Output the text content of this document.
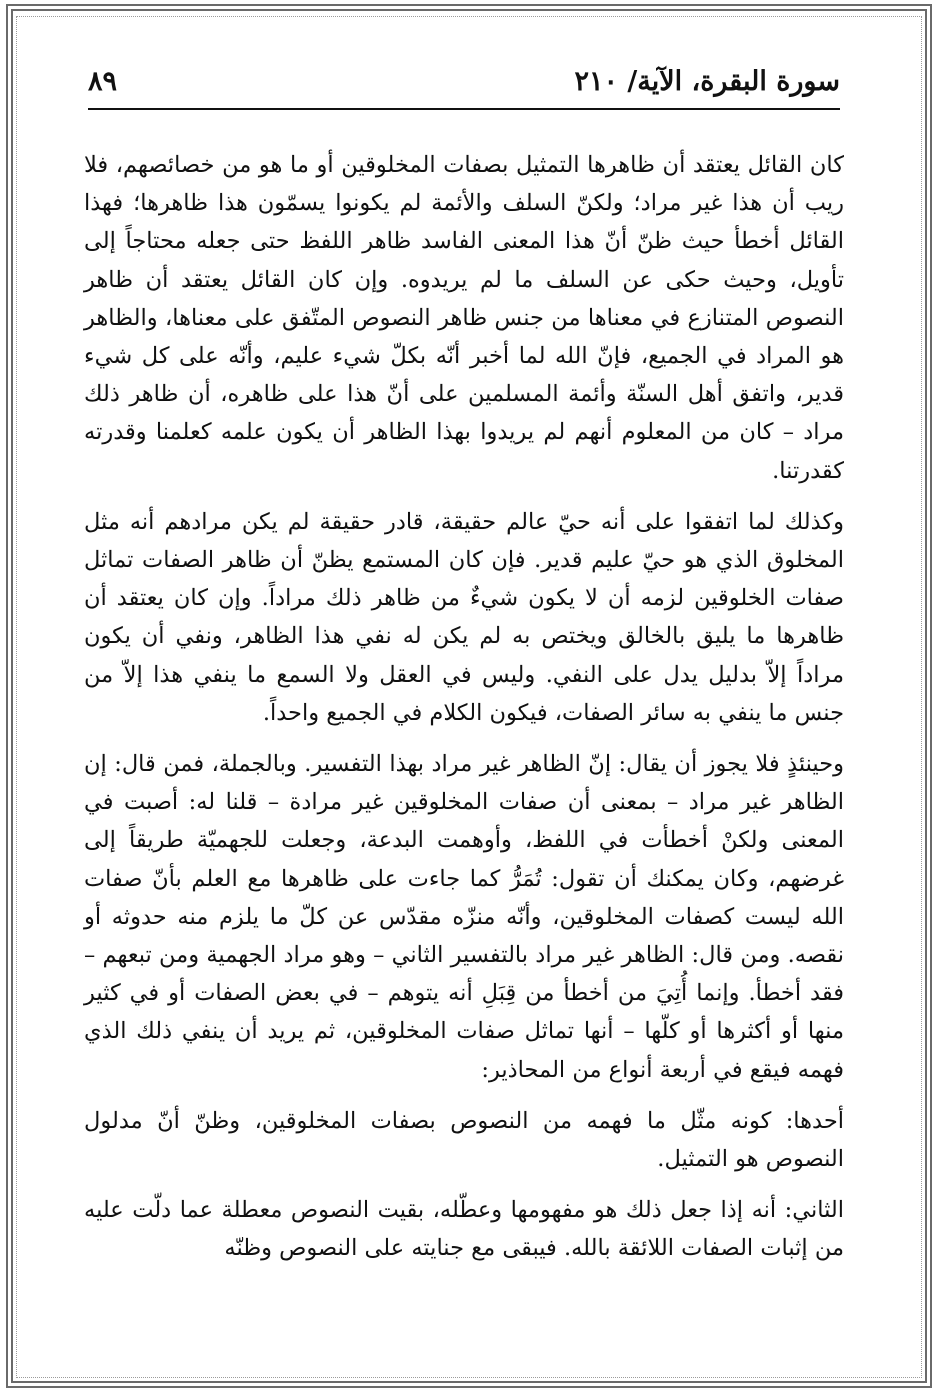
سورة البقرة، الآية/ ٢١٠
٨٩

كان القائل يعتقد أن ظاهرها التمثيل بصفات المخلوقين أو ما هو من خصائصهم، فلا ريب أن هذا غير مراد؛ ولكنّ السلف والأئمة لم يكونوا يسمّون هذا ظاهرها؛ فهذا القائل أخطأ حيث ظنّ أنّ هذا المعنى الفاسد ظاهر اللفظ حتى جعله محتاجاً إلى تأويل، وحيث حكى عن السلف ما لم يريدوه. وإن كان القائل يعتقد أن ظاهر النصوص المتنازع في معناها من جنس ظاهر النصوص المتّفق على معناها، والظاهر هو المراد في الجميع، فإنّ الله لما أخبر أنّه بكلّ شيء عليم، وأنّه على كل شيء قدير، واتفق أهل السنّة وأئمة المسلمين على أنّ هذا على ظاهره، أن ظاهر ذلك مراد – كان من المعلوم أنهم لم يريدوا بهذا الظاهر أن يكون علمه كعلمنا وقدرته كقدرتنا.

وكذلك لما اتفقوا على أنه حيّ عالم حقيقة، قادر حقيقة لم يكن مرادهم أنه مثل المخلوق الذي هو حيّ عليم قدير. فإن كان المستمع يظنّ أن ظاهر الصفات تماثل صفات الخلوقين لزمه أن لا يكون شيءٌ من ظاهر ذلك مراداً. وإن كان يعتقد أن ظاهرها ما يليق بالخالق ويختص به لم يكن له نفي هذا الظاهر، ونفي أن يكون مراداً إلاّ بدليل يدل على النفي. وليس في العقل ولا السمع ما ينفي هذا إلاّ من جنس ما ينفي به سائر الصفات، فيكون الكلام في الجميع واحداً.

وحينئذٍ فلا يجوز أن يقال: إنّ الظاهر غير مراد بهذا التفسير. وبالجملة، فمن قال: إن الظاهر غير مراد – بمعنى أن صفات المخلوقين غير مرادة – قلنا له: أصبت في المعنى ولكنْ أخطأت في اللفظ، وأوهمت البدعة، وجعلت للجهميّة طريقاً إلى غرضهم، وكان يمكنك أن تقول: تُمَرُّ كما جاءت على ظاهرها مع العلم بأنّ صفات الله ليست كصفات المخلوقين، وأنّه منزّه مقدّس عن كلّ ما يلزم منه حدوثه أو نقصه. ومن قال: الظاهر غير مراد بالتفسير الثاني – وهو مراد الجهمية ومن تبعهم – فقد أخطأ. وإنما أُتِيَ من أخطأ من قِبَلِ أنه يتوهم – في بعض الصفات أو في كثير منها أو أكثرها أو كلّها – أنها تماثل صفات المخلوقين، ثم يريد أن ينفي ذلك الذي فهمه فيقع في أربعة أنواع من المحاذير:

أحدها: كونه مثّل ما فهمه من النصوص بصفات المخلوقين، وظنّ أنّ مدلول النصوص هو التمثيل.

الثاني: أنه إذا جعل ذلك هو مفهومها وعطّله، بقيت النصوص معطلة عما دلّت عليه من إثبات الصفات اللائقة بالله. فيبقى مع جنايته على النصوص وظنّه
